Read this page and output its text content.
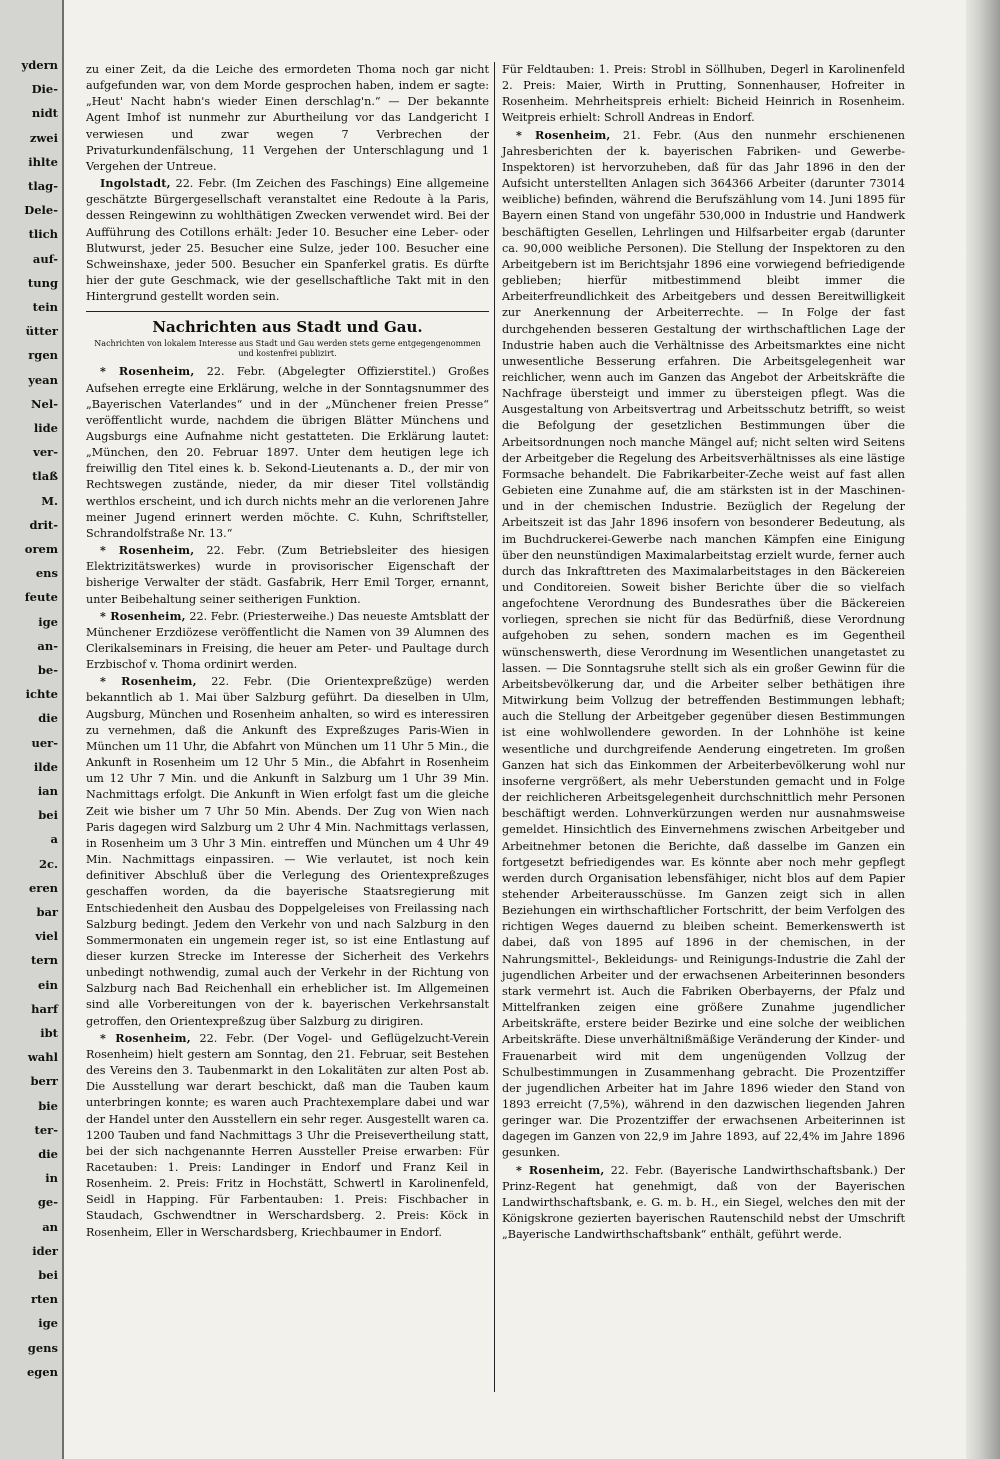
ydern
Die-
nidt
zwei
ihlte
tlag-
Dele-
tlich
auf-
tung
tein
ütter
rgen
yean
Nel-
lide
ver-
tlaß
M.
drit-
orem
ens
feute
ige
an-
be-
ichte
die
uer-
ilde
ian
bei
a
2c.
eren
bar
viel
tern
ein
harf
ibt
wahl
berr
bie
ter-
die
in
ge-
an
ider
bei
rten
ige
gens
egen

zu einer Zeit, da die Leiche des ermordeten Thoma noch gar nicht aufgefunden war, von dem Morde gesprochen haben, indem er sagte: „Heut' Nacht habn's wieder Einen derschlag'n.“ — Der bekannte Agent Imhof ist nunmehr zur Aburtheilung vor das Landgericht I verwiesen und zwar wegen 7 Verbrechen der Privaturkundenfälschung, 11 Vergehen der Unterschlagung und 1 Vergehen der Untreue.

Ingolstadt, 22. Febr. (Im Zeichen des Faschings) Eine allgemeine geschätzte Bürgergesellschaft veranstaltet eine Redoute à la Paris, dessen Reingewinn zu wohlthätigen Zwecken verwendet wird. Bei der Aufführung des Cotillons erhält: Jeder 10. Besucher eine Leber- oder Blutwurst, jeder 25. Besucher eine Sulze, jeder 100. Besucher eine Schweinshaxe, jeder 500. Besucher ein Spanferkel gratis. Es dürfte hier der gute Geschmack, wie der gesellschaftliche Takt mit in den Hintergrund gestellt worden sein.

Nachrichten aus Stadt und Gau.
Nachrichten von lokalem Interesse aus Stadt und Gau werden stets gerne entgegengenommen und kostenfrei publizirt.

* Rosenheim, 22. Febr. (Abgelegter Offizierstitel.) Großes Aufsehen erregte eine Erklärung, welche in der Sonntagsnummer des „Bayerischen Vaterlandes“ und in der „Münchener freien Presse“ veröffentlicht wurde, nachdem die übrigen Blätter Münchens und Augsburgs eine Aufnahme nicht gestatteten. Die Erklärung lautet: „München, den 20. Februar 1897. Unter dem heutigen lege ich freiwillig den Titel eines k. b. Sekond-Lieutenants a. D., der mir von Rechtswegen zustände, nieder, da mir dieser Titel vollständig werthlos erscheint, und ich durch nichts mehr an die verlorenen Jahre meiner Jugend erinnert werden möchte. C. Kuhn, Schriftsteller, Schrandolfstraße Nr. 13.“

* Rosenheim, 22. Febr. (Zum Betriebsleiter des hiesigen Elektrizitätswerkes) wurde in provisorischer Eigenschaft der bisherige Verwalter der städt. Gasfabrik, Herr Emil Torger, ernannt, unter Beibehaltung seiner seitherigen Funktion.

* Rosenheim, 22. Febr. (Priesterweihe.) Das neueste Amtsblatt der Münchener Erzdiözese veröffentlicht die Namen von 39 Alumnen des Clerikalseminars in Freising, die heuer am Peter- und Paultage durch Erzbischof v. Thoma ordinirt werden.

* Rosenheim, 22. Febr. (Die Orientexpreßzüge) werden bekanntlich ab 1. Mai über Salzburg geführt. Da dieselben in Ulm, Augsburg, München und Rosenheim anhalten, so wird es interessiren zu vernehmen, daß die Ankunft des Expreßzuges Paris-Wien in München um 11 Uhr, die Abfahrt von München um 11 Uhr 5 Min., die Ankunft in Rosenheim um 12 Uhr 5 Min., die Abfahrt in Rosenheim um 12 Uhr 7 Min. und die Ankunft in Salzburg um 1 Uhr 39 Min. Nachmittags erfolgt. Die Ankunft in Wien erfolgt fast um die gleiche Zeit wie bisher um 7 Uhr 50 Min. Abends. Der Zug von Wien nach Paris dagegen wird Salzburg um 2 Uhr 4 Min. Nachmittags verlassen, in Rosenheim um 3 Uhr 3 Min. eintreffen und München um 4 Uhr 49 Min. Nachmittags einpassiren. — Wie verlautet, ist noch kein definitiver Abschluß über die Verlegung des Orientexpreßzuges geschaffen worden, da die bayerische Staatsregierung mit Entschiedenheit den Ausbau des Doppelgeleises von Freilassing nach Salzburg bedingt. Jedem den Verkehr von und nach Salzburg in den Sommermonaten ein ungemein reger ist, so ist eine Entlastung auf dieser kurzen Strecke im Interesse der Sicherheit des Verkehrs unbedingt nothwendig, zumal auch der Verkehr in der Richtung von Salzburg nach Bad Reichenhall ein erheblicher ist. Im Allgemeinen sind alle Vorbereitungen von der k. bayerischen Verkehrsanstalt getroffen, den Orientexpreßzug über Salzburg zu dirigiren.

* Rosenheim, 22. Febr. (Der Vogel- und Geflügelzucht-Verein Rosenheim) hielt gestern am Sonntag, den 21. Februar, seit Bestehen des Vereins den 3. Taubenmarkt in den Lokalitäten zur alten Post ab. Die Ausstellung war derart beschickt, daß man die Tauben kaum unterbringen konnte; es waren auch Prachtexemplare dabei und war der Handel unter den Ausstellern ein sehr reger. Ausgestellt waren ca. 1200 Tauben und fand Nachmittags 3 Uhr die Preisevertheilung statt, bei der sich nachgenannte Herren Aussteller Preise erwarben: Für Racetauben: 1. Preis: Landinger in Endorf und Franz Keil in Rosenheim. 2. Preis: Fritz in Hochstätt, Schwertl in Karolinenfeld, Seidl in Happing. Für Farbentauben: 1. Preis: Fischbacher in Staudach, Gschwendtner in Werschardsberg. 2. Preis: Köck in Rosenheim, Eller in Werschardsberg, Kriechbaumer in Endorf.

Für Feldtauben: 1. Preis: Strobl in Söllhuben, Degerl in Karolinenfeld 2. Preis: Maier, Wirth in Prutting, Sonnenhauser, Hofreiter in Rosenheim. Mehrheitspreis erhielt: Bicheid Heinrich in Rosenheim. Weitpreis erhielt: Schroll Andreas in Endorf.

* Rosenheim, 21. Febr. (Aus den nunmehr erschienenen Jahresberichten der k. bayerischen Fabriken- und Gewerbe-Inspektoren) ist hervorzuheben, daß für das Jahr 1896 in den der Aufsicht unterstellten Anlagen sich 364366 Arbeiter (darunter 73014 weibliche) befinden, während die Berufszählung vom 14. Juni 1895 für Bayern einen Stand von ungefähr 530,000 in Industrie und Handwerk beschäftigten Gesellen, Lehrlingen und Hilfsarbeiter ergab (darunter ca. 90,000 weibliche Personen). Die Stellung der Inspektoren zu den Arbeitgebern ist im Berichtsjahr 1896 eine vorwiegend befriedigende geblieben; hierfür mitbestimmend bleibt immer die Arbeiterfreundlichkeit des Arbeitgebers und dessen Bereitwilligkeit zur Anerkennung der Arbeiterrechte. — In Folge der fast durchgehenden besseren Gestaltung der wirthschaftlichen Lage der Industrie haben auch die Verhältnisse des Arbeitsmarktes eine nicht unwesentliche Besserung erfahren. Die Arbeitsgelegenheit war reichlicher, wenn auch im Ganzen das Angebot der Arbeitskräfte die Nachfrage übersteigt und immer zu übersteigen pflegt. Was die Ausgestaltung von Arbeitsvertrag und Arbeitsschutz betrifft, so weist die Befolgung der gesetzlichen Bestimmungen über die Arbeitsordnungen noch manche Mängel auf; nicht selten wird Seitens der Arbeitgeber die Regelung des Arbeitsverhältnisses als eine lästige Formsache behandelt. Die Fabrikarbeiter-Zeche weist auf fast allen Gebieten eine Zunahme auf, die am stärksten ist in der Maschinen- und in der chemischen Industrie. Bezüglich der Regelung der Arbeitszeit ist das Jahr 1896 insofern von besonderer Bedeutung, als im Buchdruckerei-Gewerbe nach manchen Kämpfen eine Einigung über den neunstündigen Maximalarbeitstag erzielt wurde, ferner auch durch das Inkrafttreten des Maximalarbeitstages in den Bäckereien und Conditoreien. Soweit bisher Berichte über die so vielfach angefochtene Verordnung des Bundesrathes über die Bäckereien vorliegen, sprechen sie nicht für das Bedürfniß, diese Verordnung aufgehoben zu sehen, sondern machen es im Gegentheil wünschenswerth, diese Verordnung im Wesentlichen unangetastet zu lassen. — Die Sonntagsruhe stellt sich als ein großer Gewinn für die Arbeitsbevölkerung dar, und die Arbeiter selber bethätigen ihre Mitwirkung beim Vollzug der betreffenden Bestimmungen lebhaft; auch die Stellung der Arbeitgeber gegenüber diesen Bestimmungen ist eine wohlwollendere geworden. In der Lohnhöhe ist keine wesentliche und durchgreifende Aenderung eingetreten. Im großen Ganzen hat sich das Einkommen der Arbeiterbevölkerung wohl nur insoferne vergrößert, als mehr Ueberstunden gemacht und in Folge der reichlicheren Arbeitsgelegenheit durchschnittlich mehr Personen beschäftigt werden. Lohnverkürzungen werden nur ausnahmsweise gemeldet. Hinsichtlich des Einvernehmens zwischen Arbeitgeber und Arbeitnehmer betonen die Berichte, daß dasselbe im Ganzen ein fortgesetzt befriedigendes war. Es könnte aber noch mehr gepflegt werden durch Organisation lebensfähiger, nicht blos auf dem Papier stehender Arbeiterausschüsse. Im Ganzen zeigt sich in allen Beziehungen ein wirthschaftlicher Fortschritt, der beim Verfolgen des richtigen Weges dauernd zu bleiben scheint. Bemerkenswerth ist dabei, daß von 1895 auf 1896 in der chemischen, in der Nahrungsmittel-, Bekleidungs- und Reinigungs-Industrie die Zahl der jugendlichen Arbeiter und der erwachsenen Arbeiterinnen besonders stark vermehrt ist. Auch die Fabriken Oberbayerns, der Pfalz und Mittelfranken zeigen eine größere Zunahme jugendlicher Arbeitskräfte, erstere beider Bezirke und eine solche der weiblichen Arbeitskräfte. Diese unverhältnißmäßige Veränderung der Kinder- und Frauenarbeit wird mit dem ungenügenden Vollzug der Schulbestimmungen in Zusammenhang gebracht. Die Prozentziffer der jugendlichen Arbeiter hat im Jahre 1896 wieder den Stand von 1893 erreicht (7,5%), während in den dazwischen liegenden Jahren geringer war. Die Prozentziffer der erwachsenen Arbeiterinnen ist dagegen im Ganzen von 22,9 im Jahre 1893, auf 22,4% im Jahre 1896 gesunken.

* Rosenheim, 22. Febr. (Bayerische Landwirthschaftsbank.) Der Prinz-Regent hat genehmigt, daß von der Bayerischen Landwirthschaftsbank, e. G. m. b. H., ein Siegel, welches den mit der Königskrone gezierten bayerischen Rautenschild nebst der Umschrift „Bayerische Landwirthschaftsbank“ enthält, geführt werde.
